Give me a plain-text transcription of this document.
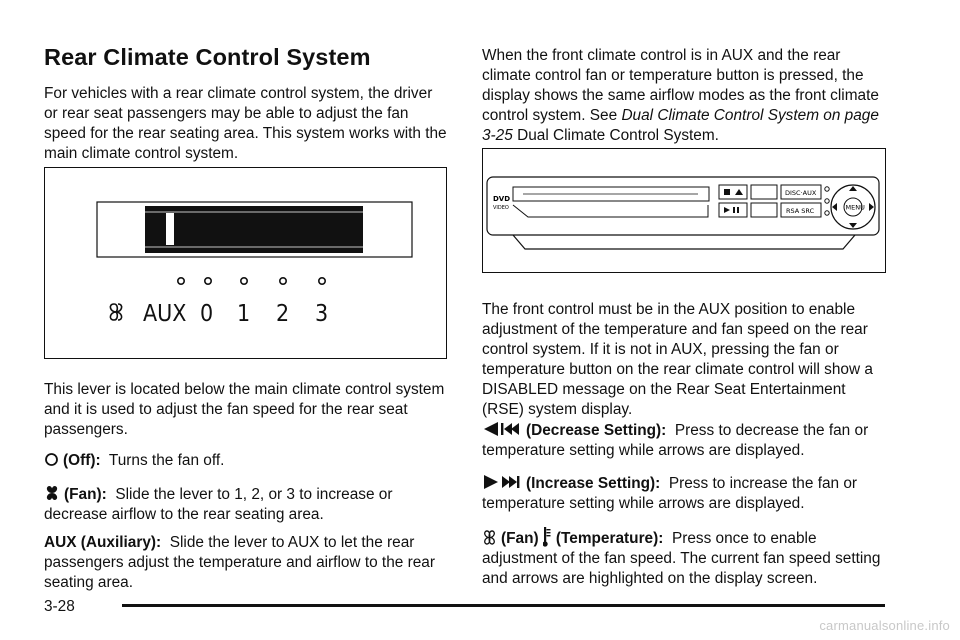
Rear Climate Control System

For vehicles with a rear climate control system, the driver or rear seat passengers may be able to adjust the fan speed for the rear seating area. This system works with the main climate control system.

AUX 0 1 2 3

This lever is located below the main climate control system and it is used to adjust the fan speed for the rear seat passengers.

(Off): Turns the fan off.

(Fan): Slide the lever to 1, 2, or 3 to increase or decrease airflow to the rear seating area.

AUX (Auxiliary): Slide the lever to AUX to let the rear passengers adjust the temperature and airflow to the rear seating area.

When the front climate control is in AUX and the rear climate control fan or temperature button is pressed, the display shows the same airflow modes as the front climate control system. See Dual Climate Control System on page 3-25 Dual Climate Control System.

DVD
VIDEO
DISC·AUX
RSA SRC	MENU

The front control must be in the AUX position to enable adjustment of the temperature and fan speed on the rear control system. If it is not in AUX, pressing the fan or temperature button on the rear climate control will show a DISABLED message on the Rear Seat Entertainment (RSE) system display.

(Decrease Setting): Press to decrease the fan or temperature setting while arrows are displayed.

(Increase Setting): Press to increase the fan or temperature setting while arrows are displayed.

(Fan) (Temperature): Press once to enable adjustment of the fan speed. The current fan speed setting and arrows are highlighted on the display screen.

3-28
carmanualsonline.info
